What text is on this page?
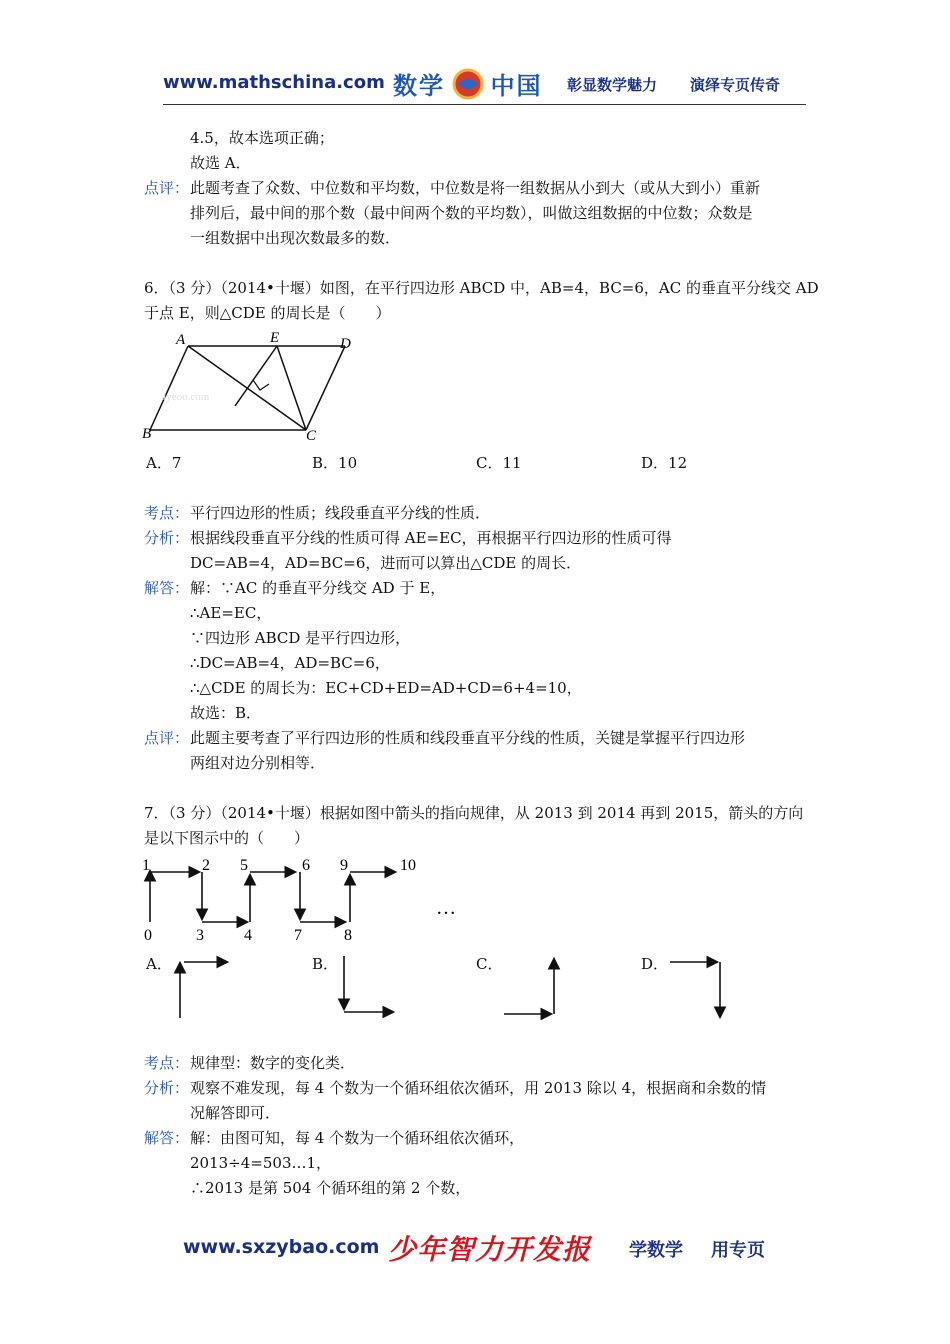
www.mathschina.com 数学 中国 彰显数学魅力 演绎专页传奇
4.5，故本选项正确；
故选 A．
点评： 此题考查了众数、中位数和平均数，中位数是将一组数据从小到大（或从大到小）重新
排列后，最中间的那个数（最中间两个数的平均数），叫做这组数据的中位数；众数是
一组数据中出现次数最多的数．
6．（3 分）（2014•十堰）如图，在平行四边形 ABCD 中，AB=4，BC=6，AC 的垂直平分线交 AD
于点 E，则△CDE 的周长是（　　）
Jyeoo.com
A	E	D
B	C
A．7	B．10	C．11	D．12
考点： 平行四边形的性质；线段垂直平分线的性质．
分析： 根据线段垂直平分线的性质可得 AE=EC，再根据平行四边形的性质可得
DC=AB=4，AD=BC=6，进而可以算出△CDE 的周长．
解答： 解：∵AC 的垂直平分线交 AD 于 E，
∴AE=EC，
∵四边形 ABCD 是平行四边形，
∴DC=AB=4，AD=BC=6，
∴△CDE 的周长为：EC+CD+ED=AD+CD=6+4=10，
故选：B．
点评： 此题主要考查了平行四边形的性质和线段垂直平分线的性质，关键是掌握平行四边形
两组对边分别相等．
7．（3 分）（2014•十堰）根据如图中箭头的指向规律，从 2013 到 2014 再到 2015，箭头的方向
是以下图示中的（　　）
1	2 5	6 9	10
0	3	4	7	8
…
A．	B．	C．	D．
考点： 规律型：数字的变化类．
分析： 观察不难发现，每 4 个数为一个循环组依次循环，用 2013 除以 4，根据商和余数的情
况解答即可．
解答： 解：由图可知，每 4 个数为一个循环组依次循环，
2013÷4=503…1，
∴2013 是第 504 个循环组的第 2 个数，
www.sxzybao.com 少年智力开发报 学数学 用专页
